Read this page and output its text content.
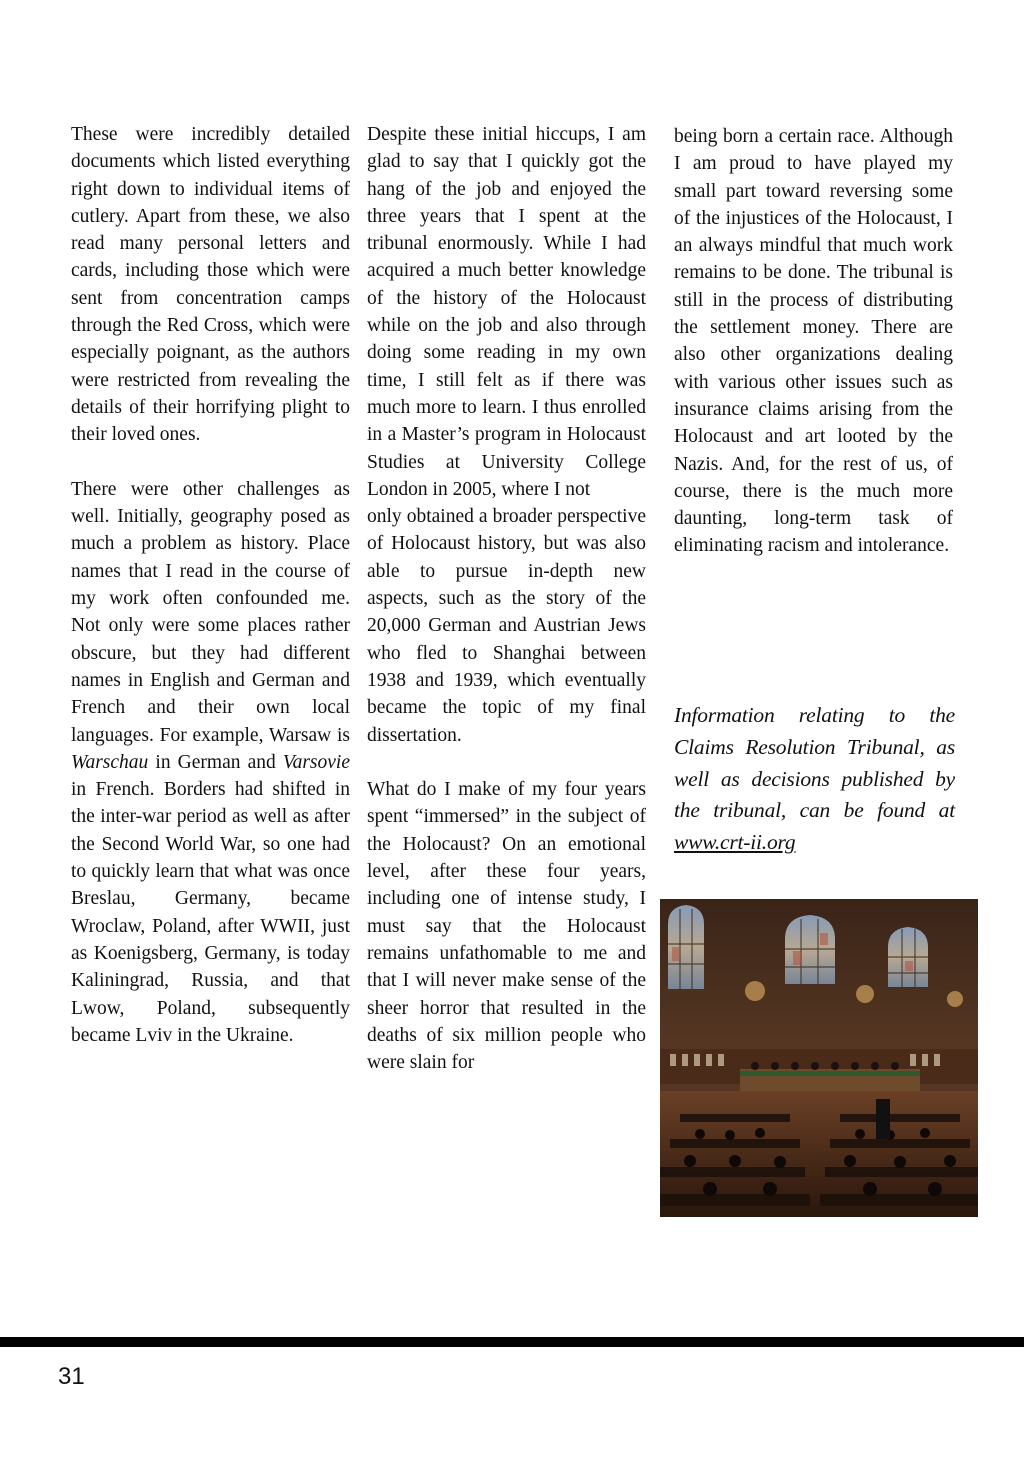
These were incredibly detailed documents which listed everything right down to individual items of cutlery. Apart from these, we also read many personal letters and cards, including those which were sent from concentration camps through the Red Cross, which were especially poignant, as the authors were restricted from revealing the details of their horrifying plight to their loved ones.

There were other challenges as well. Initially, geography posed as much a problem as history. Place names that I read in the course of my work often confounded me. Not only were some places rather obscure, but they had different names in English and German and French and their own local languages. For example, Warsaw is Warschau in German and Varsovie in French. Borders had shifted in the inter-war period as well as after the Second World War, so one had to quickly learn that what was once Breslau, Germany, became Wroclaw, Poland, after WWII, just as Koenigsberg, Germany, is today Kaliningrad, Russia, and that Lwow, Poland, subsequently became Lviv in the Ukraine.

Despite these initial hiccups, I am glad to say that I quickly got the hang of the job and enjoyed the three years that I spent at the tribunal enormously. While I had acquired a much better knowledge of the history of the Holocaust while on the job and also through doing some reading in my own time, I still felt as if there was much more to learn. I thus enrolled in a Master’s program in Holocaust Studies at University College London in 2005, where I not

only obtained a broader perspective of Holocaust history, but was also able to pursue in-depth new aspects, such as the story of the 20,000 German and Austrian Jews who fled to Shanghai between 1938 and 1939, which eventually became the topic of my final dissertation.

What do I make of my four years spent “immersed” in the subject of the Holocaust? On an emotional level, after these four years, including one of intense study, I must say that the Holocaust remains unfathomable to me and that I will never make sense of the sheer horror that resulted in the deaths of six million people who were slain for

being born a certain race. Although I am proud to have played my small part toward reversing some of the injustices of the Holocaust, I an always mindful that much work remains to be done. The tribunal is still in the process of distributing the settlement money. There are also other organizations dealing with various other issues such as insurance claims arising from the Holocaust and art looted by the Nazis. And, for the rest of us, of course, there is the much more daunting, long-term task of eliminating racism and intolerance.

Information relating to the Claims Resolution Tribunal, as well as decisions published by the tribunal, can be found at www.crt-ii.org
31
